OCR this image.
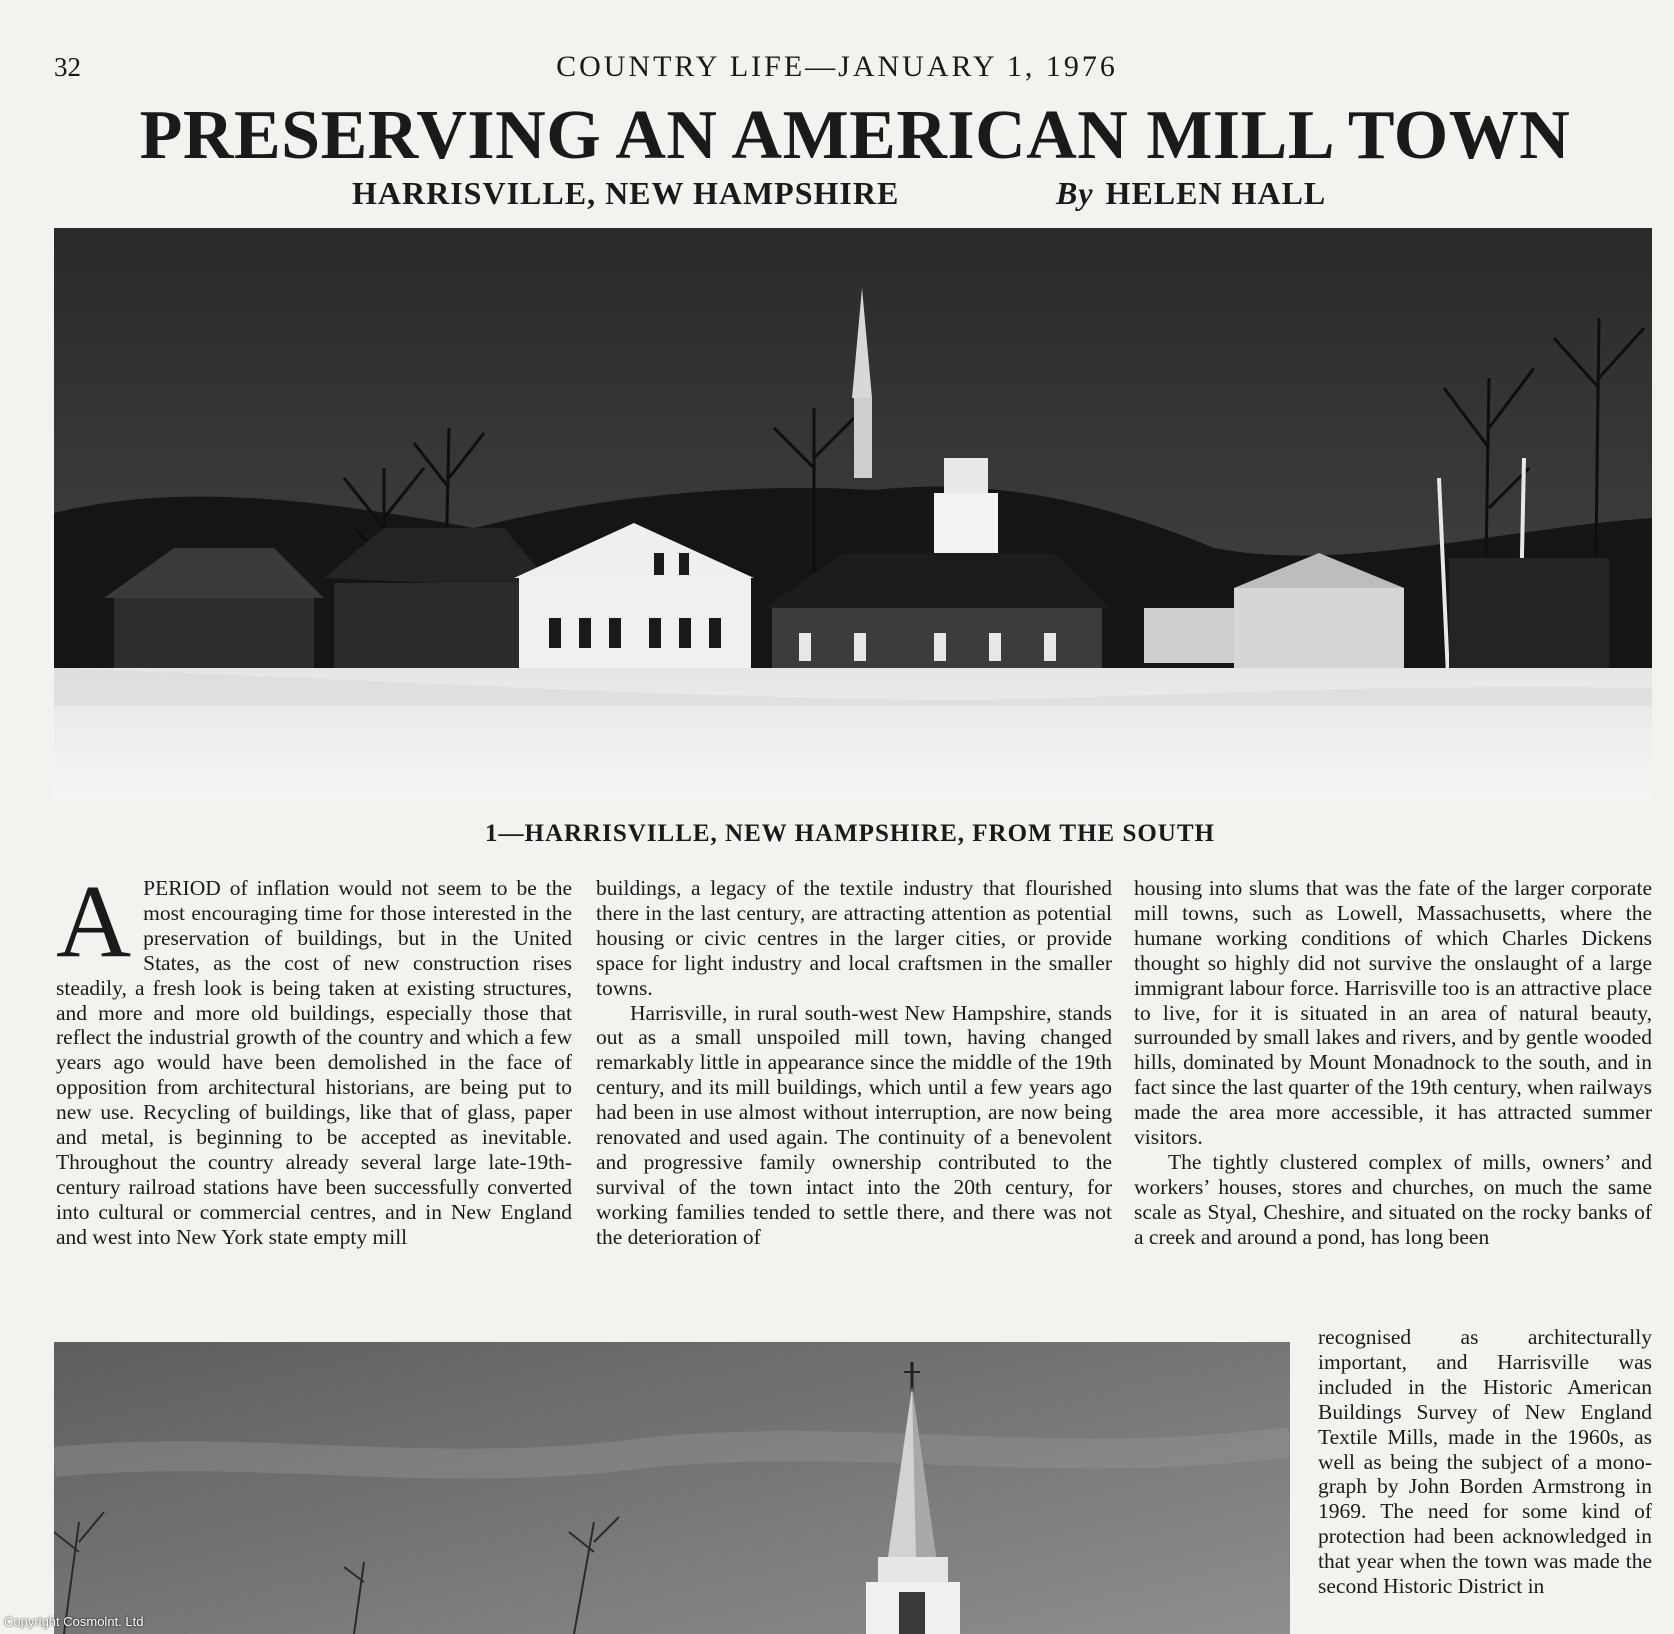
32	COUNTRY LIFE—JANUARY 1, 1976
PRESERVING AN AMERICAN MILL TOWN
HARRISVILLE, NEW HAMPSHIRE	By HELEN HALL
1—HARRISVILLE, NEW HAMPSHIRE, FROM THE SOUTH

APERIOD of inflation would not seem to be the most encouraging time for those interested in the preservation of buildings, but in the United States, as the cost of new construction rises steadily, a fresh look is being taken at existing structures, and more and more old buildings, especially those that reflect the industrial growth of the country and which a few years ago would have been demolished in the face of opposition from architectural historians, are being put to new use. Recycling of buildings, like that of glass, paper and metal, is beginning to be accepted as inevitable. Throughout the country already several large late-19th-century railroad stations have been successfully converted into cultural or commercial centres, and in New England and west into New York state empty mill

buildings, a legacy of the textile industry that flourished there in the last century, are attracting attention as potential housing or civic centres in the larger cities, or provide space for light industry and local craftsmen in the smaller towns.

Harrisville, in rural south-west New Hampshire, stands out as a small unspoiled mill town, having changed remarkably little in appearance since the middle of the 19th century, and its mill buildings, which until a few years ago had been in use almost without interruption, are now being renovated and used again. The continuity of a benevolent and progressive family ownership contributed to the survival of the town intact into the 20th century, for working families tended to settle there, and there was not the deterioration of

housing into slums that was the fate of the larger corporate mill towns, such as Lowell, Massachusetts, where the humane working conditions of which Charles Dickens thought so highly did not survive the onslaught of a large immigrant labour force. Harrisville too is an attractive place to live, for it is situated in an area of natural beauty, surrounded by small lakes and rivers, and by gentle wooded hills, dominated by Mount Monadnock to the south, and in fact since the last quarter of the 19th century, when railways made the area more accessible, it has attracted summer visitors.

The tightly clustered complex of mills, owners’ and workers’ houses, stores and churches, on much the same scale as Styal, Cheshire, and situated on the rocky banks of a creek and around a pond, has long been

recognised as architecturally important, and Harrisville was included in the Historic American Buildings Survey of New England Textile Mills, made in the 1960s, as well as being the subject of a monograph by John Borden Armstrong in 1969. The need for some kind of protection had been acknowledged in that year when the town was made the second Historic District in

Copyright Cosmolnt. Ltd
